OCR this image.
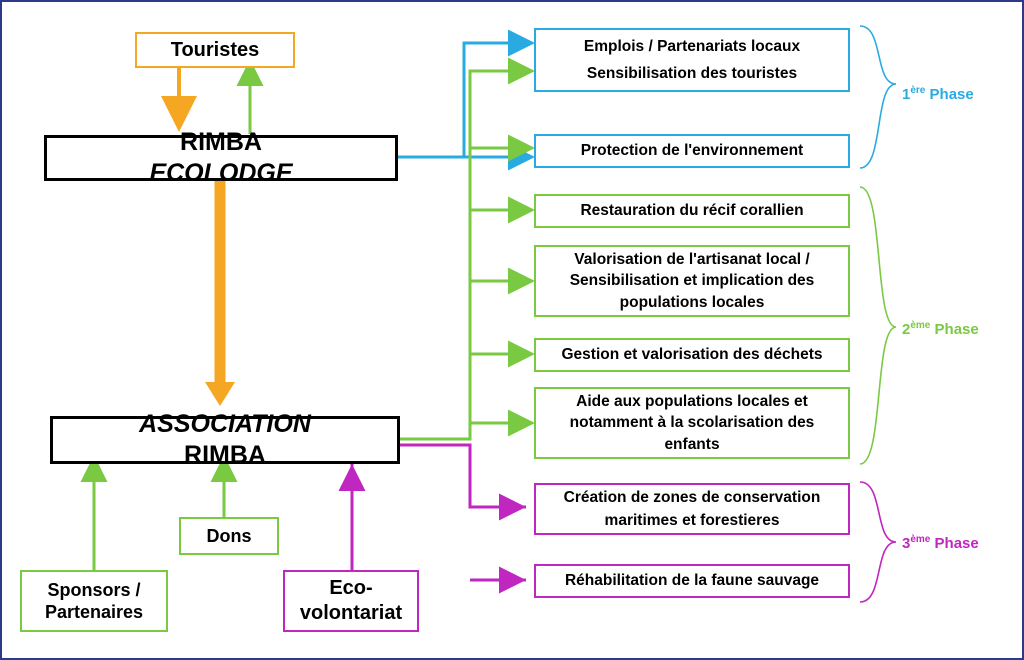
Touristes
RIMBA
ECOLODGE
ASSOCIATION
RIMBA
Dons
Sponsors /
Partenaires
Eco-
volontariat
Emplois / Partenariats locaux
Sensibilisation des touristes
Protection de l'environnement
Restauration du récif corallien
Valorisation de l'artisanat local /
Sensibilisation et implication des
populations locales
Gestion et valorisation des déchets
Aide aux populations locales et
notamment à la scolarisation des
enfants
Création de zones de conservation
maritimes et forestieres
Réhabilitation de la faune sauvage
1ère Phase
2ème Phase
3ème Phase
